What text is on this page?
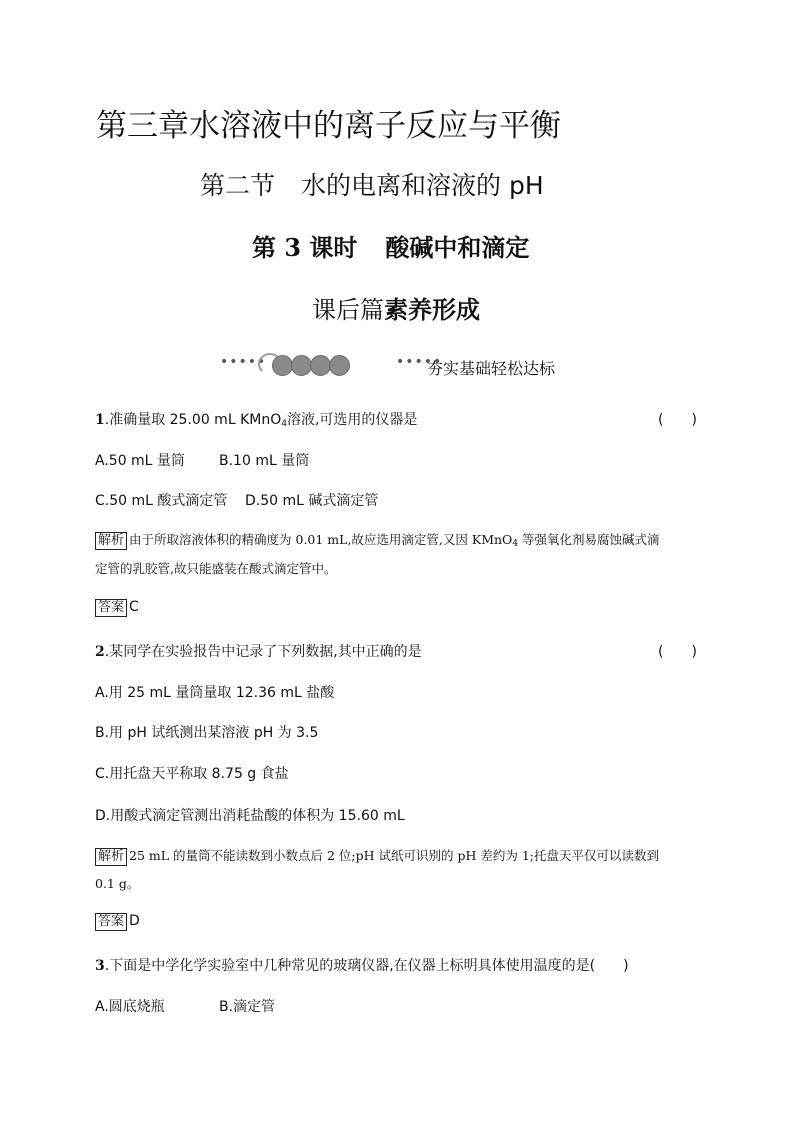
第三章水溶液中的离子反应与平衡
第二节 水的电离和溶液的 pH
第 3 课时 酸碱中和滴定
课后篇素养形成
•••••	•••••
夯实基础轻松达标
1.准确量取 25.00 mL KMnO$_4$溶液,可选用的仪器是	(　　)
A.50 mL 量筒 B.10 mL 量筒
C.50 mL 酸式滴定管 D.50 mL 碱式滴定管
解析 由于所取溶液体积的精确度为 0.01 mL,故应选用滴定管,又因 KMnO$_4$ 等强氧化剂易腐蚀碱式滴
定管的乳胶管,故只能盛装在酸式滴定管中。
答案 C
2.某同学在实验报告中记录了下列数据,其中正确的是	(　　)
A.用 25 mL 量筒量取 12.36 mL 盐酸
B.用 pH 试纸测出某溶液 pH 为 3.5
C.用托盘天平称取 8.75 g 食盐
D.用酸式滴定管测出消耗盐酸的体积为 15.60 mL
解析 25 mL 的量筒不能读数到小数点后 2 位;pH 试纸可识别的 pH 差约为 1;托盘天平仅可以读数到
0.1 g。
答案 D
3.下面是中学化学实验室中几种常见的玻璃仪器,在仪器上标明具体使用温度的是(　　)
A.圆底烧瓶	B.滴定管
